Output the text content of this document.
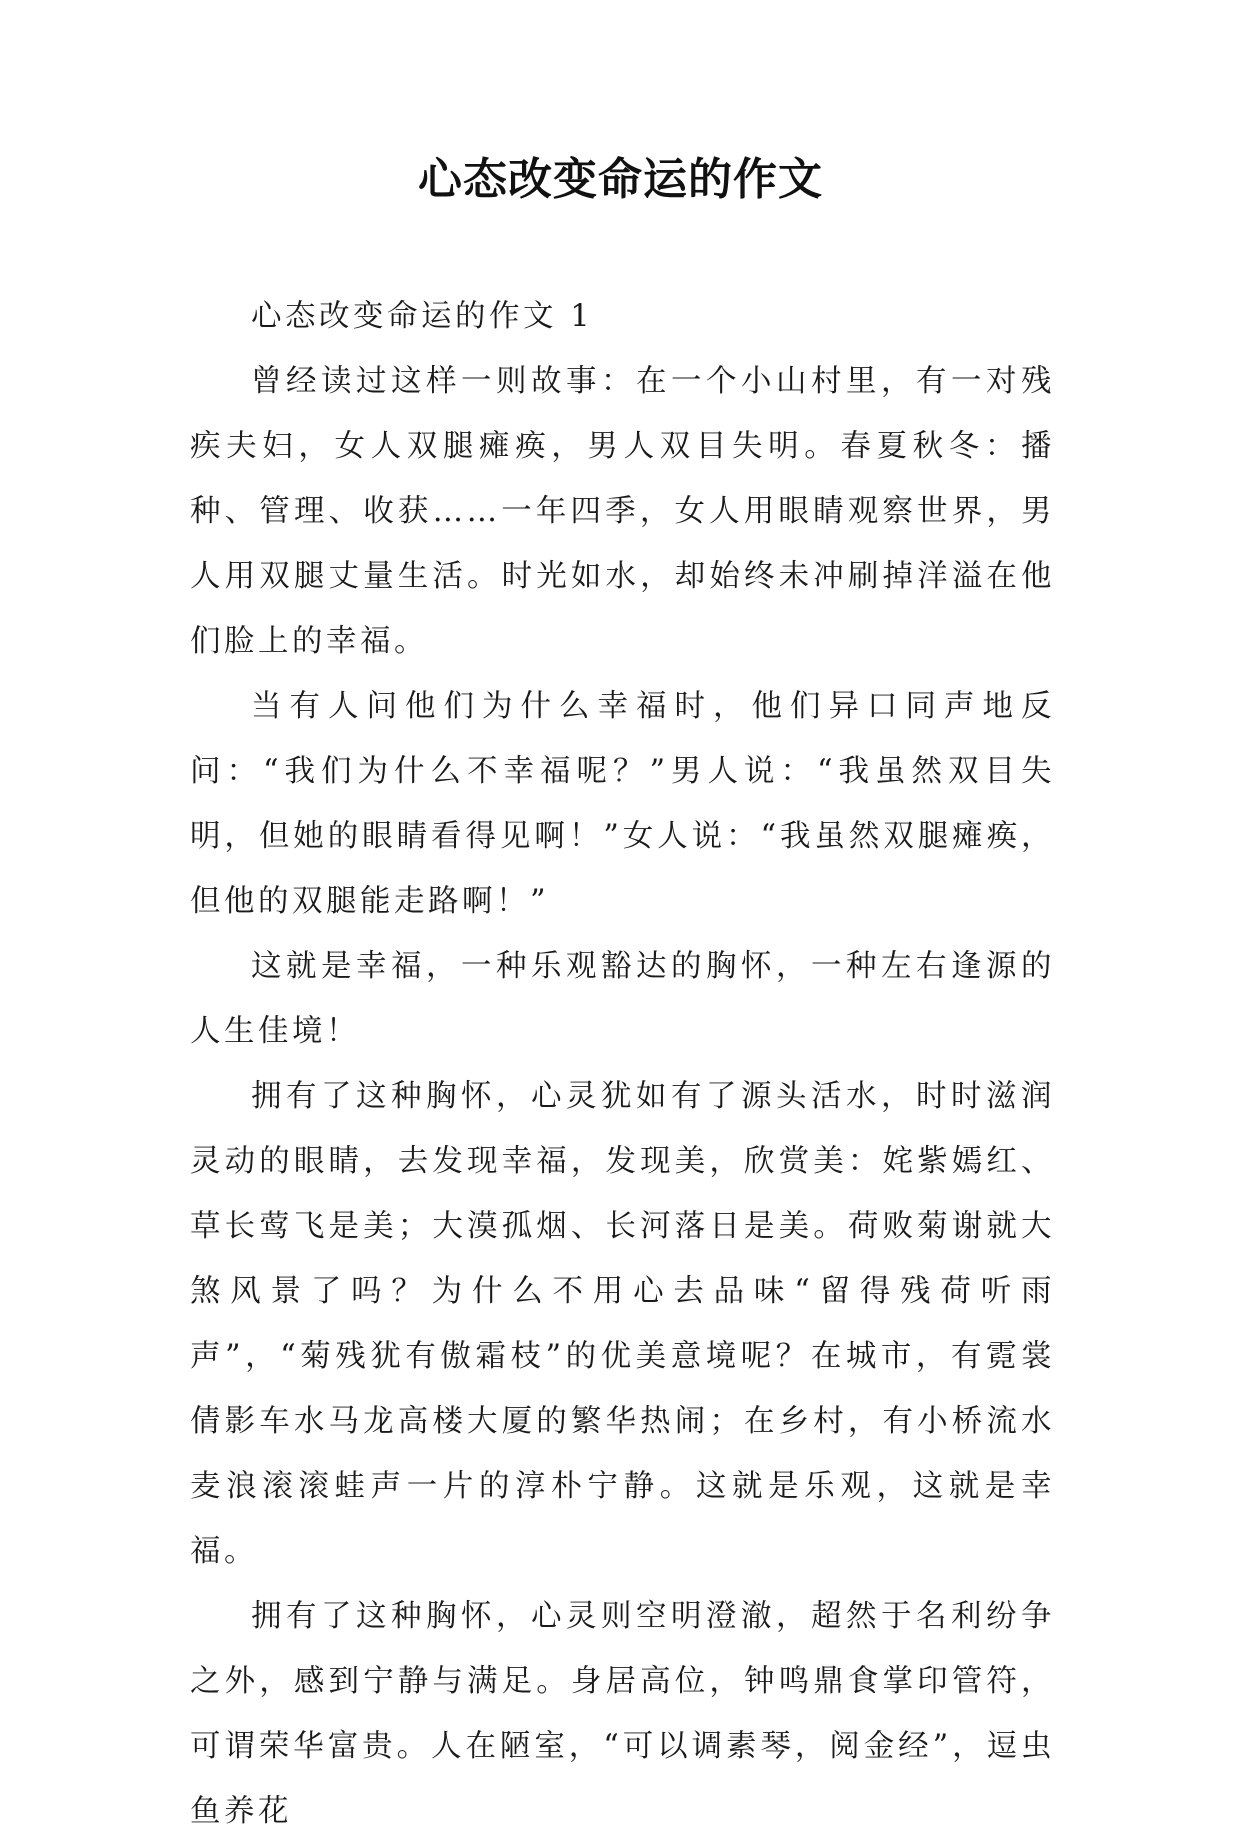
心态改变命运的作文

心态改变命运的作文 1

曾经读过这样一则故事：在一个小山村里，有一对残疾夫妇，女人双腿瘫痪，男人双目失明。春夏秋冬：播种、管理、收获……一年四季，女人用眼睛观察世界，男人用双腿丈量生活。时光如水，却始终未冲刷掉洋溢在他们脸上的幸福。

当有人问他们为什么幸福时，他们异口同声地反问：“我们为什么不幸福呢？”男人说：“我虽然双目失明，但她的眼睛看得见啊！”女人说：“我虽然双腿瘫痪，但他的双腿能走路啊！”

这就是幸福，一种乐观豁达的胸怀，一种左右逢源的人生佳境！

拥有了这种胸怀，心灵犹如有了源头活水，时时滋润灵动的眼睛，去发现幸福，发现美，欣赏美：姹紫嫣红、草长莺飞是美；大漠孤烟、长河落日是美。荷败菊谢就大煞风景了吗？为什么不用心去品味“留得残荷听雨声”，“菊残犹有傲霜枝”的优美意境呢？在城市，有霓裳倩影车水马龙高楼大厦的繁华热闹；在乡村，有小桥流水麦浪滚滚蛙声一片的淳朴宁静。这就是乐观，这就是幸福。

拥有了这种胸怀，心灵则空明澄澈，超然于名利纷争之外，感到宁静与满足。身居高位，钟鸣鼎食掌印管符，可谓荣华富贵。人在陋室，“可以调素琴，阅金经”，逗虫鱼养花
